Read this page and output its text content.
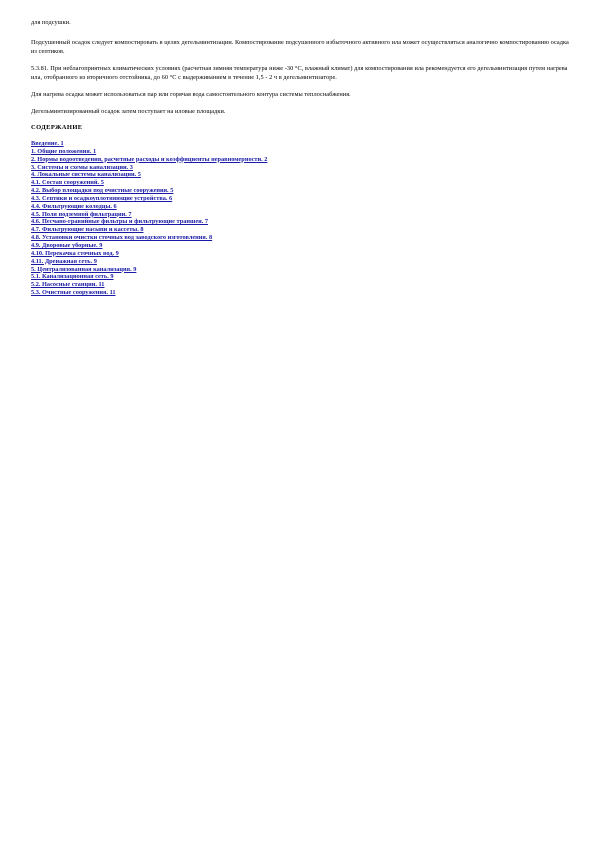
для подсушки.

Подсушенный осадок следует компостировать в целях дегельминтизации. Компостирование подсушенного избыточного активного ила может осуществляться аналогично компостированию осадка из септиков.

5.3.81. При неблагоприятных климатических условиях (расчетная зимняя температура ниже -30 °С, влажный климат) для компостирования ила рекомендуется его дегельминтизация путем нагрева ила, отобранного из вторичного отстойника, до 60 °С с выдерживанием в течение 1,5 - 2 ч в дегельминтизаторе.

Для нагрева осадка может использоваться пар или горячая вода самостоятельного контура системы теплоснабжения.

Дегельминтизированный осадок затем поступает на иловые площадки.

СОДЕРЖАНИЕ
Введение. 1
1. Общие положения. 1
2. Нормы водоотведения, расчетные расходы и коэффициенты неравномерности. 2
3. Системы и схемы канализации. 3
4. Локальные системы канализации. 5
4.1. Состав сооружений. 5
4.2. Выбор площадки под очистные сооружения. 5
4.3. Септики и осадкоуплотняющие устройства. 6
4.4. Фильтрующие колодцы. 6
4.5. Поля подземной фильтрации. 7
4.6. Песчано-гравийные фильтры и фильтрующие траншеи. 7
4.7. Фильтрующие насыпи и кассеты. 8
4.8. Установки очистки сточных вод заводского изготовления. 8
4.9. Дворовые уборные. 9
4.10. Перекачка сточных вод. 9
4.11. Дренажная сеть. 9
5. Централизованная канализация. 9
5.1. Канализационная сеть. 9
5.2. Насосные станции. 11
5.3. Очистные сооружения. 11
